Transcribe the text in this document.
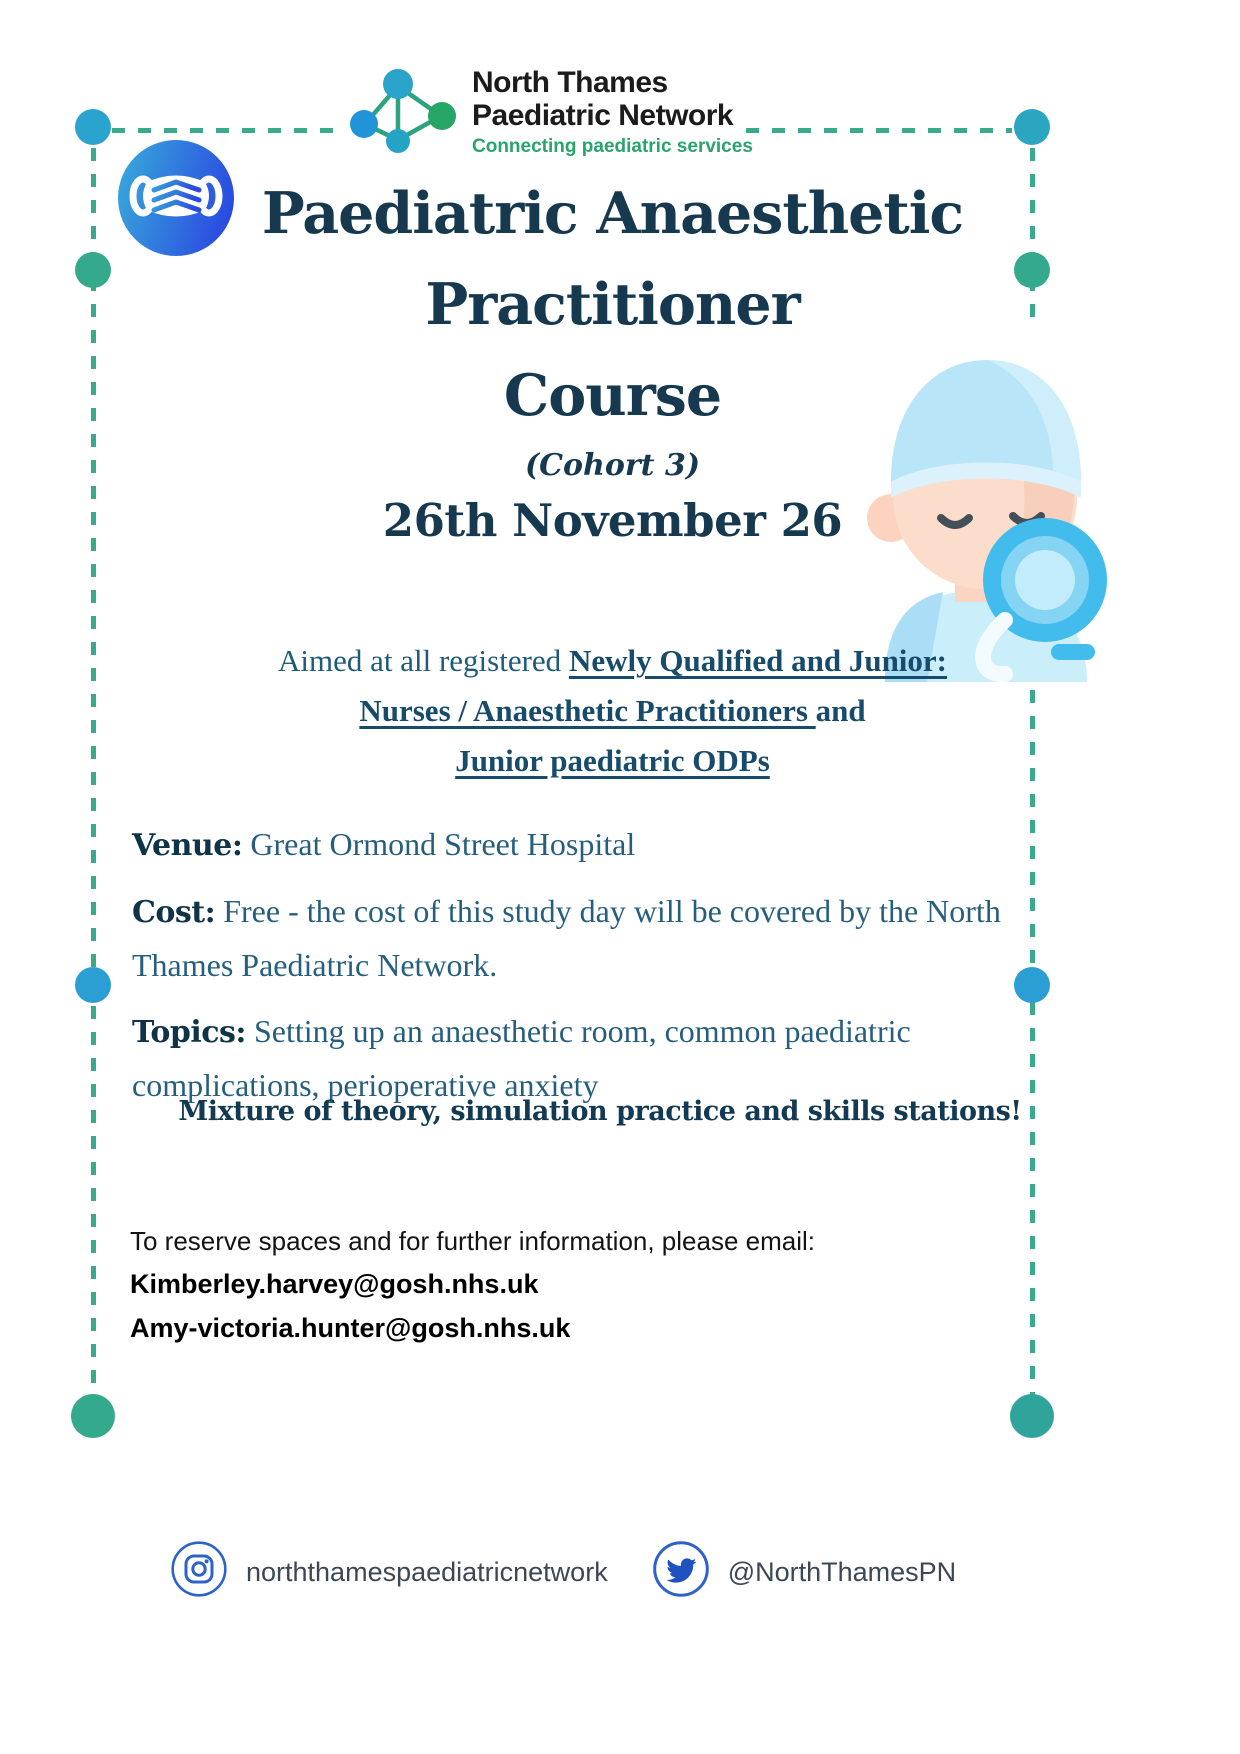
North Thames
Paediatric Network
Connecting paediatric services
Paediatric Anaesthetic
Practitioner
Course
(Cohort 3)
26th November 26
Aimed at all registered Newly Qualified and Junior:
Nurses / Anaesthetic Practitioners and
Junior paediatric ODPs

Venue: Great Ormond Street Hospital

Cost: Free - the cost of this study day will be covered by the North Thames Paediatric Network.

Topics: Setting up an anaesthetic room, common paediatric complications, perioperative anxiety

Mixture of theory, simulation practice and skills stations!
To reserve spaces and for further information, please email:
Kimberley.harvey@gosh.nhs.uk
Amy-victoria.hunter@gosh.nhs.uk
norththamespaediatricnetwork	@NorthThamesPN
